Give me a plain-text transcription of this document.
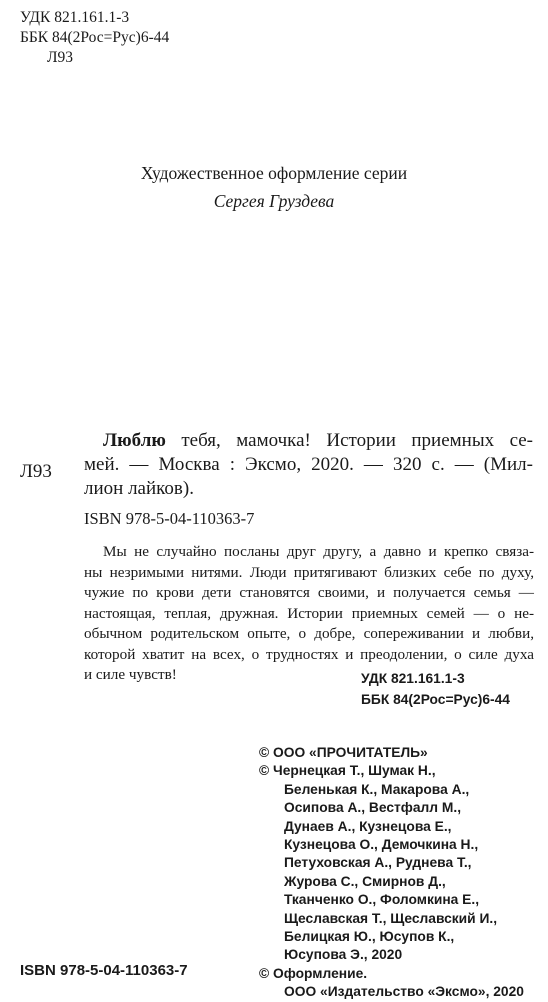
УДК 821.161.1-3
ББК 84(2Рос=Рус)6-44
Л93
Художественное оформление серии
Сергея Груздева
Л93
Люблю тебя, мамочка! Истории приемных се-
мей. — Москва : Эксмо, 2020. — 320 с. — (Мил-
лион лайков).
ISBN 978-5-04-110363-7
Мы не случайно посланы друг другу, а давно и крепко связа-
ны незримыми нитями. Люди притягивают близких себе по духу,
чужие по крови дети становятся своими, и получается семья —
настоящая, теплая, дружная. Истории приемных семей — о не-
обычном родительском опыте, о добре, сопереживании и любви,
которой хватит на всех, о трудностях и преодолении, о силе духа
и силе чувств!	УДК 821.161.1-3
ББК 84(2Рос=Рус)6-44
© ООО «ПРОЧИТАТЕЛЬ»
© Чернецкая Т., Шумак Н.,
Беленькая К., Макарова А.,
Осипова А., Вестфалл М.,
Дунаев А., Кузнецова Е.,
Кузнецова О., Демочкина Н.,
Петуховская А., Руднева Т.,
Журова С., Смирнов Д.,
Тканченко О., Фоломкина Е.,
Щеславская Т., Щеславский И.,
Белицкая Ю., Юсупов К.,
Юсупова Э., 2020
© Оформление.
ООО «Издательство «Эксмо», 2020
ISBN 978-5-04-110363-7
